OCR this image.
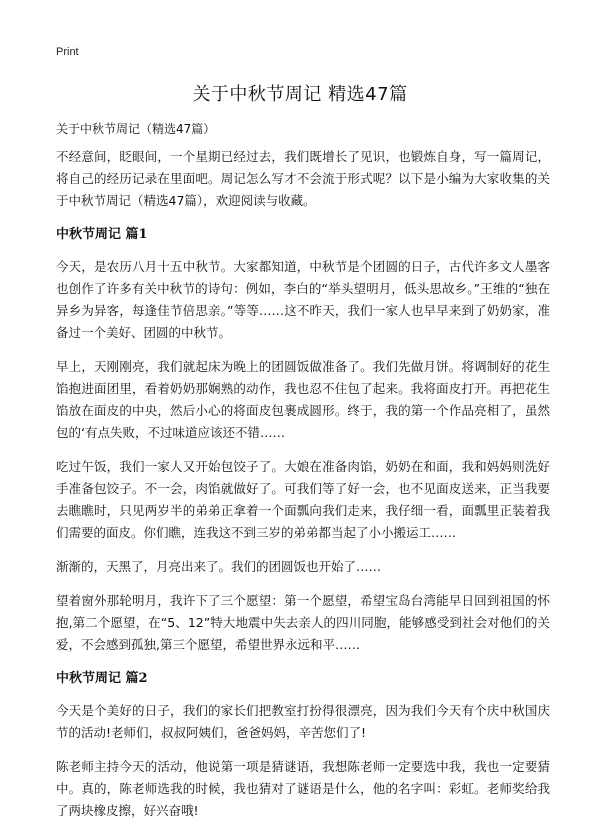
Print
关于中秋节周记 精选47篇
关于中秋节周记（精选47篇）

不经意间，眨眼间，一个星期已经过去，我们既增长了见识，也锻炼自身，写一篇周记，将自己的经历记录在里面吧。周记怎么写才不会流于形式呢？以下是小编为大家收集的关于中秋节周记（精选47篇），欢迎阅读与收藏。

中秋节周记 篇1

今天，是农历八月十五中秋节。大家都知道，中秋节是个团圆的日子，古代许多文人墨客也创作了许多有关中秋节的诗句：例如，李白的“举头望明月，低头思故乡。”王维的“独在异乡为异客，每逢佳节倍思亲。”等等……这不昨天，我们一家人也早早来到了奶奶家，准备过一个美好、团圆的中秋节。

早上，天刚刚亮，我们就起床为晚上的团圆饭做准备了。我们先做月饼。将调制好的花生馅抱进面团里，看着奶奶那娴熟的动作，我也忍不住包了起来。我将面皮打开。再把花生馅放在面皮的中央，然后小心的将面皮包裹成圆形。终于，我的第一个作品亮相了，虽然包的‘有点失败，不过味道应该还不错……

吃过午饭，我们一家人又开始包饺子了。大娘在准备肉馅，奶奶在和面，我和妈妈则洗好手准备包饺子。不一会，肉馅就做好了。可我们等了好一会，也不见面皮送来，正当我要去瞧瞧时，只见两岁半的弟弟正拿着一个面瓢向我们走来，我仔细一看，面瓢里正装着我们需要的面皮。你们瞧，连我这不到三岁的弟弟都当起了小小搬运工……

渐渐的，天黑了，月亮出来了。我们的团圆饭也开始了……

望着窗外那轮明月，我许下了三个愿望：第一个愿望，希望宝岛台湾能早日回到祖国的怀抱,第二个愿望，在“5、12”特大地震中失去亲人的四川同胞，能够感受到社会对他们的关爱，不会感到孤独,第三个愿望，希望世界永远和平……

中秋节周记 篇2

今天是个美好的日子，我们的家长们把教室打扮得很漂亮，因为我们今天有个庆中秋国庆节的活动!老师们，叔叔阿姨们，爸爸妈妈，辛苦您们了!

陈老师主持今天的活动，他说第一项是猜谜语，我想陈老师一定要选中我，我也一定要猜中。真的，陈老师选我的时候，我也猜对了谜语是什么，他的名字叫：彩虹。老师奖给我了两块橡皮擦，好兴奋哦!
